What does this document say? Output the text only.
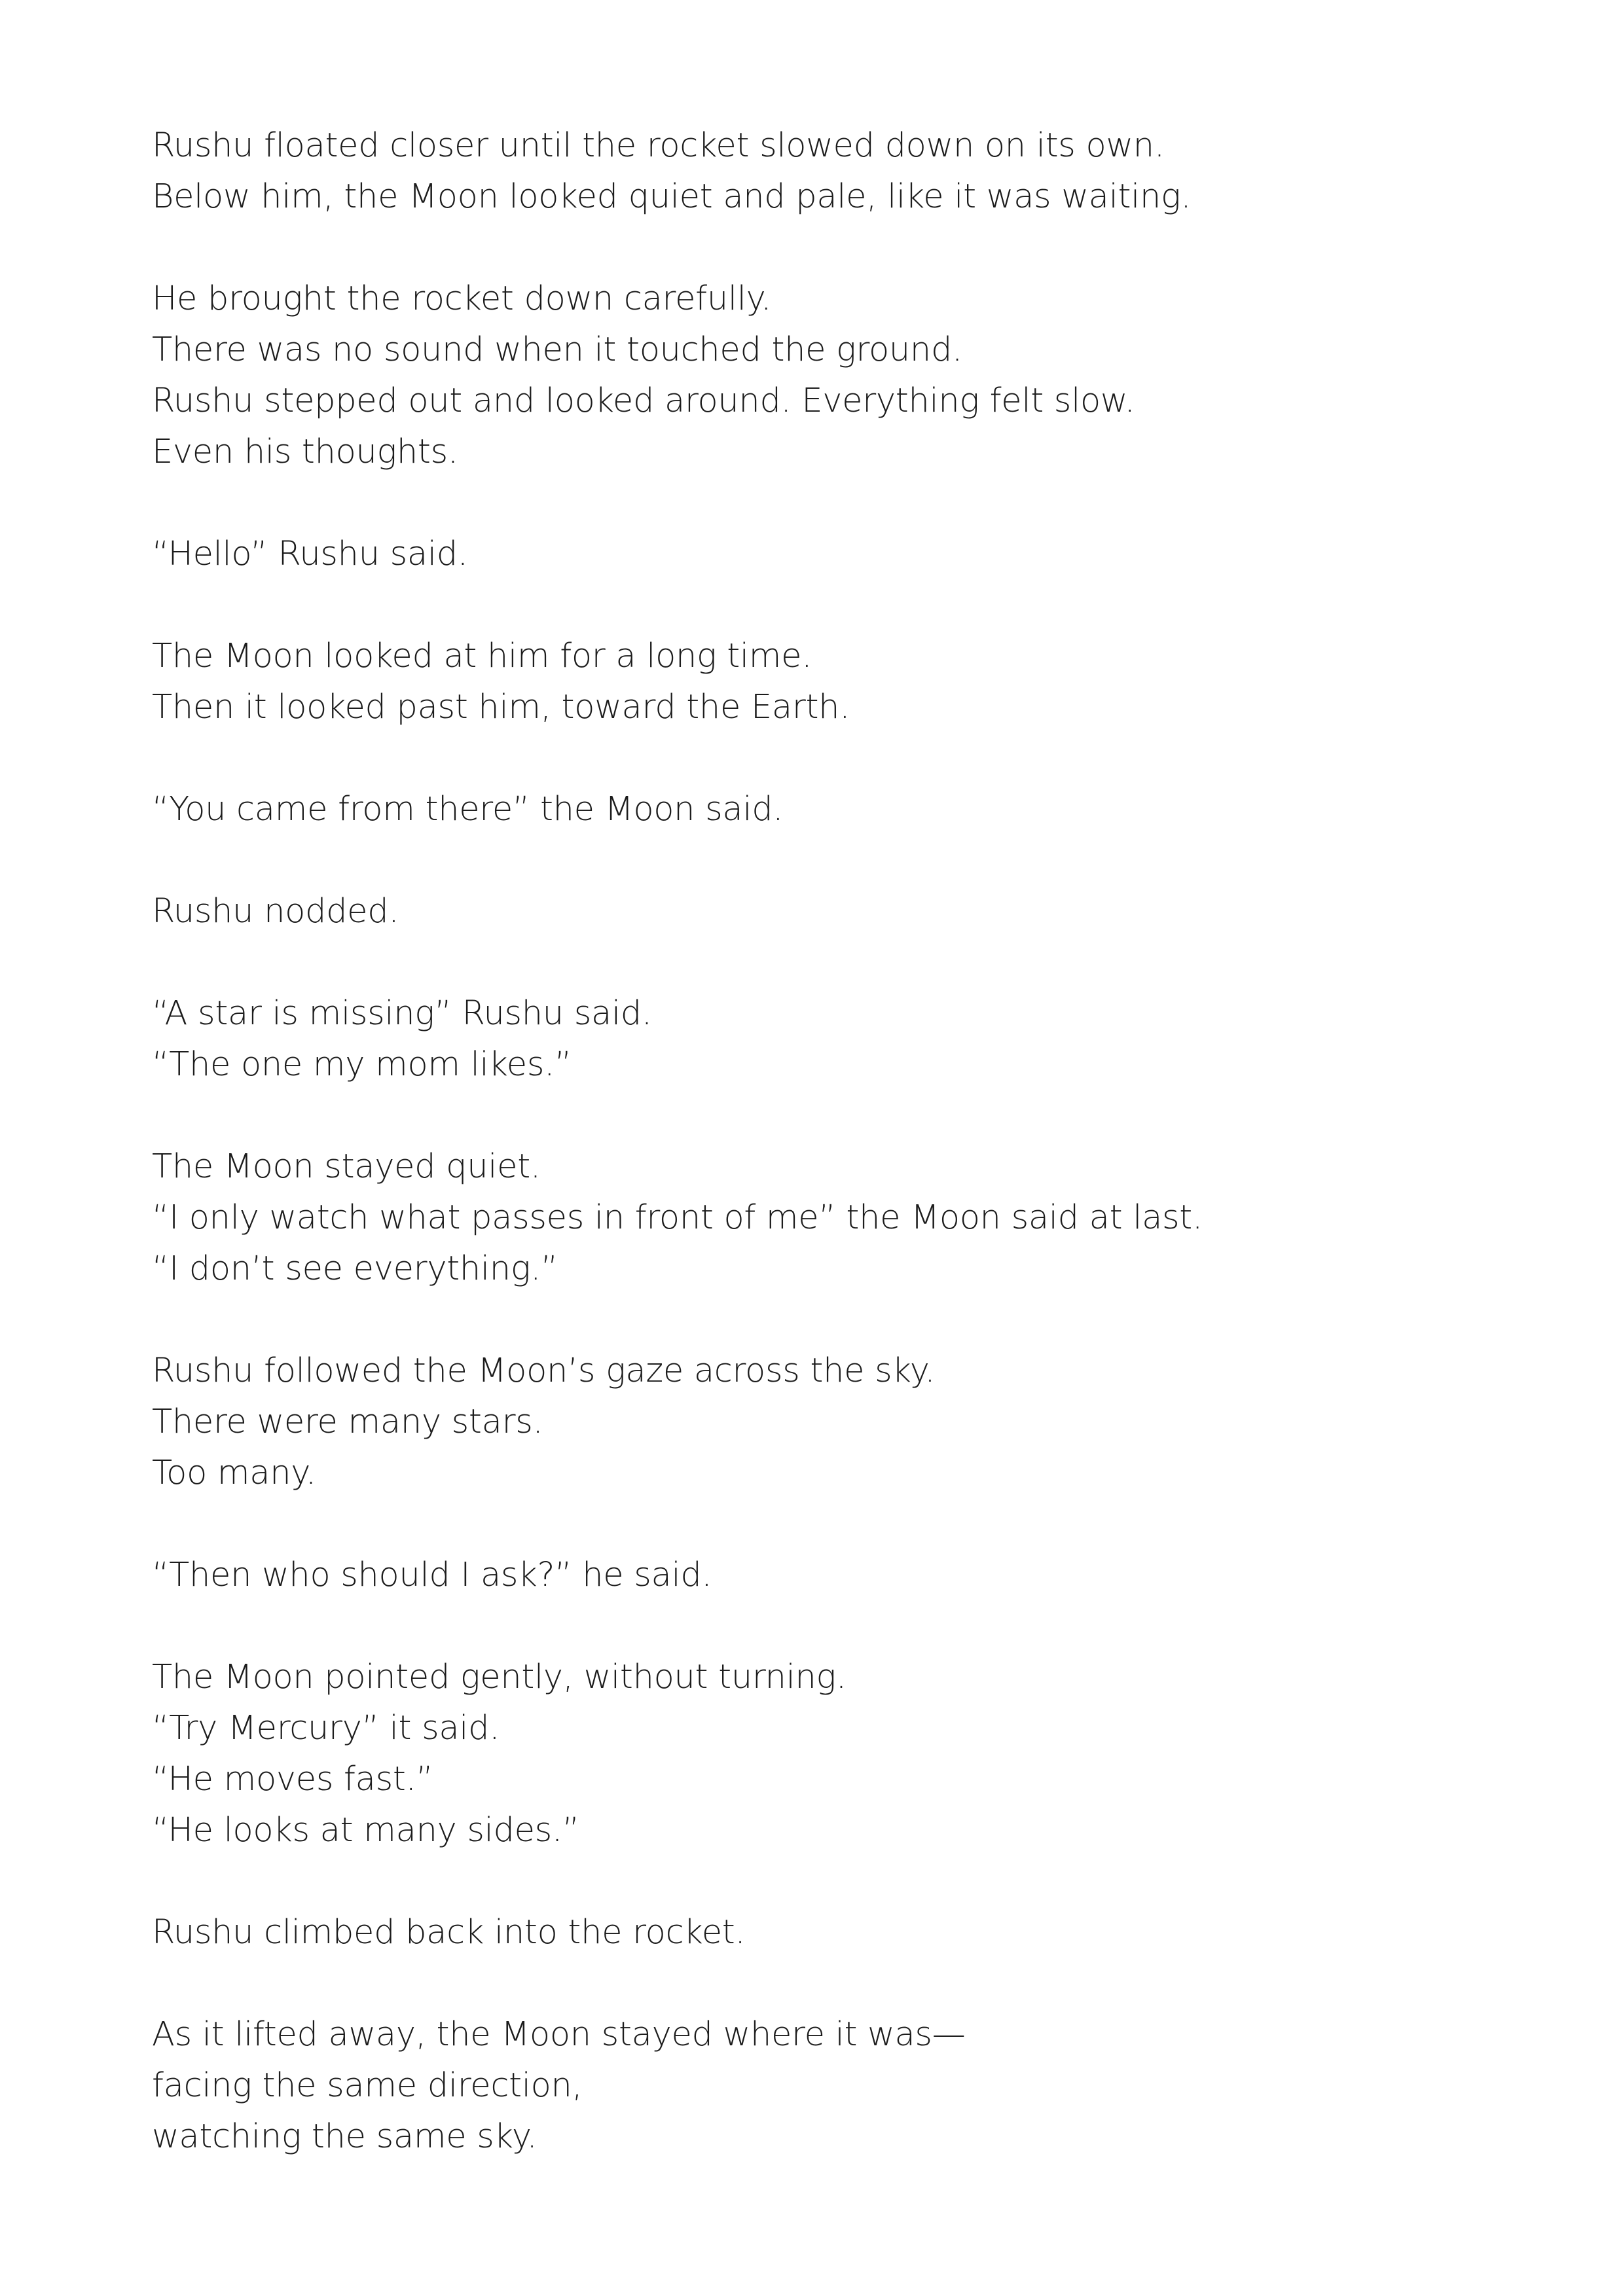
Rushu floated closer until the rocket slowed down on its own.
Below him, the Moon looked quiet and pale, like it was waiting.

He brought the rocket down carefully.
There was no sound when it touched the ground.
Rushu stepped out and looked around. Everything felt slow.
Even his thoughts.

“Hello” Rushu said.

The Moon looked at him for a long time.
Then it looked past him, toward the Earth.

“You came from there” the Moon said.

Rushu nodded.

“A star is missing” Rushu said.
“The one my mom likes.”

The Moon stayed quiet.
“I only watch what passes in front of me” the Moon said at last.
“I don’t see everything.”

Rushu followed the Moon’s gaze across the sky.
There were many stars.
Too many.

“Then who should I ask?” he said.

The Moon pointed gently, without turning.
“Try Mercury” it said.
“He moves fast.”
“He looks at many sides.”

Rushu climbed back into the rocket.

As it lifted away, the Moon stayed where it was—
facing the same direction,
watching the same sky.
